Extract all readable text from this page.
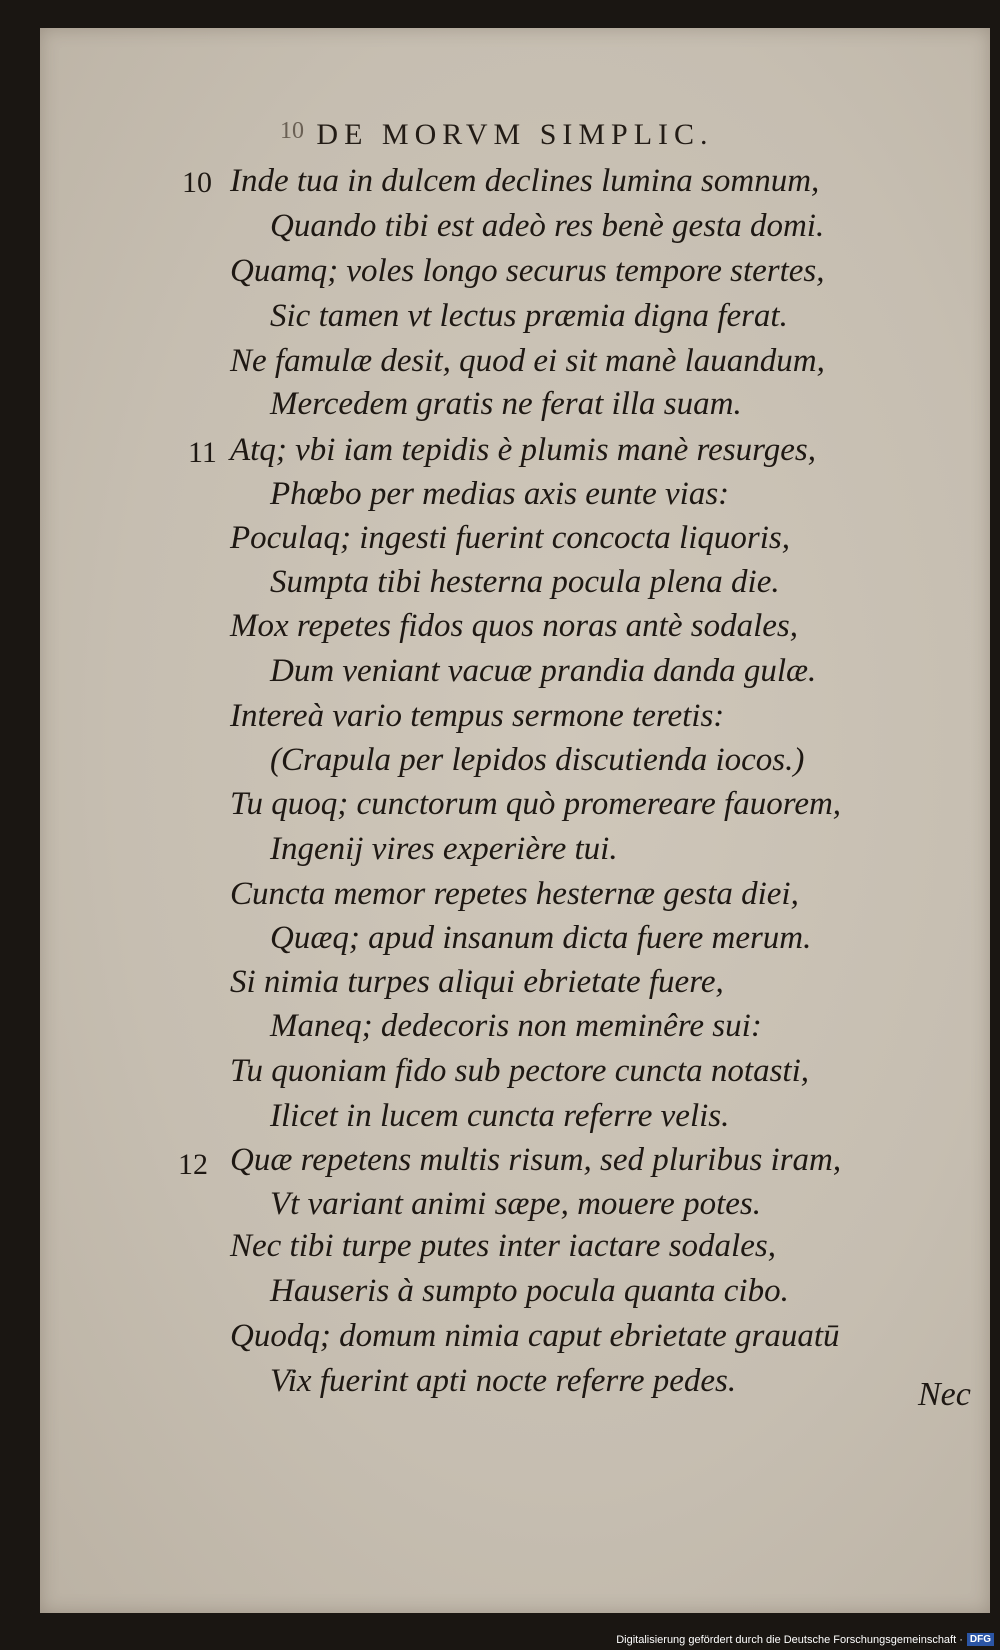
10 DE MORVM SIMPLIC.
10
11
12
Inde tua in dulcem declines lumina somnum,
Quando tibi est adeò res benè gesta domi.
Quamq; voles longo securus tempore stertes,
Sic tamen vt lectus præmia digna ferat.
Ne famulæ desit, quod ei sit manè lauandum,
Mercedem gratis ne ferat illa suam.
Atq; vbi iam tepidis è plumis manè resurges,
Phœbo per medias axis eunte vias:
Poculaq; ingesti fuerint concocta liquoris,
Sumpta tibi hesterna pocula plena die.
Mox repetes fidos quos noras antè sodales,
Dum veniant vacuæ prandia danda gulæ.
Intereà vario tempus sermone teretis:
(Crapula per lepidos discutienda iocos.)
Tu quoq; cunctorum quò promereare fauorem,
Ingenij vires experière tui.
Cuncta memor repetes hesternæ gesta diei,
Quæq; apud insanum dicta fuere merum.
Si nimia turpes aliqui ebrietate fuere,
Maneq; dedecoris non meminêre sui:
Tu quoniam fido sub pectore cuncta notasti,
Ilicet in lucem cuncta referre velis.
Quæ repetens multis risum, sed pluribus iram,
Vt variant animi sæpe, mouere potes.
Nec tibi turpe putes inter iactare sodales,
Hauseris à sumpto pocula quanta cibo.
Quodq; domum nimia caput ebrietate grauatū
Vix fuerint apti nocte referre pedes.	Nec
Digitalisierung gefördert durch die Deutsche Forschungsgemeinschaft · DFG
